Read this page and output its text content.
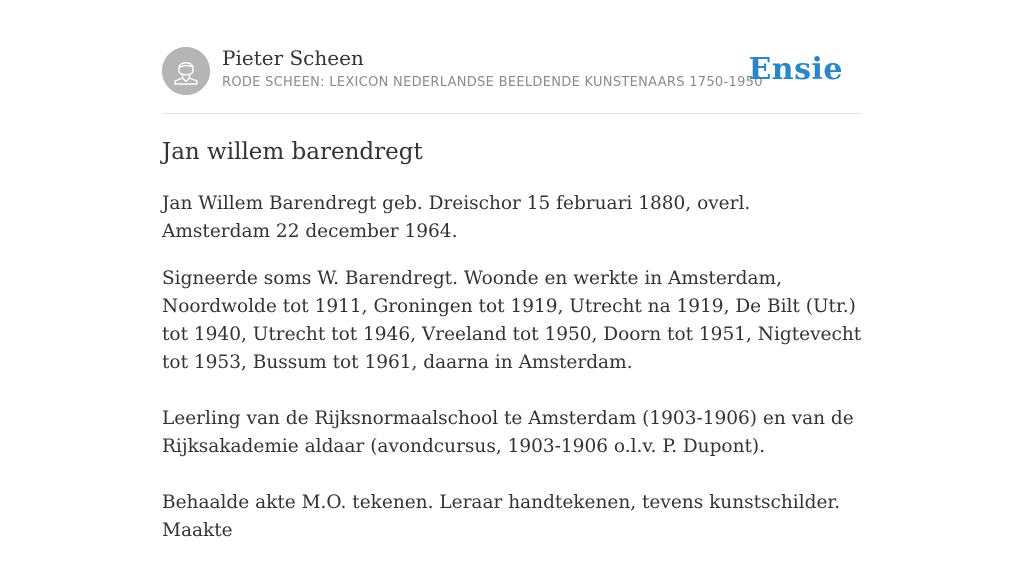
Pieter Scheen
RODE SCHEEN: LEXICON NEDERLANDSE BEELDENDE KUNSTENAARS 1750-1950
Ensie
Jan willem barendregt

Jan Willem Barendregt geb. Dreischor 15 februari 1880, overl. Amsterdam 22 december 1964.

Signeerde soms W. Barendregt. Woonde en werkte in Amsterdam, Noordwolde tot 1911, Groningen tot 1919, Utrecht na 1919, De Bilt (Utr.) tot 1940, Utrecht tot 1946, Vreeland tot 1950, Doorn tot 1951, Nigtevecht tot 1953, Bussum tot 1961, daarna in Amsterdam.

Leerling van de Rijksnormaalschool te Amsterdam (1903-1906) en van de Rijksakademie aldaar (avondcursus, 1903-1906 o.l.v. P. Dupont).

Behaalde akte M.O. tekenen. Leraar handtekenen, tevens kunstschilder. Maakte
